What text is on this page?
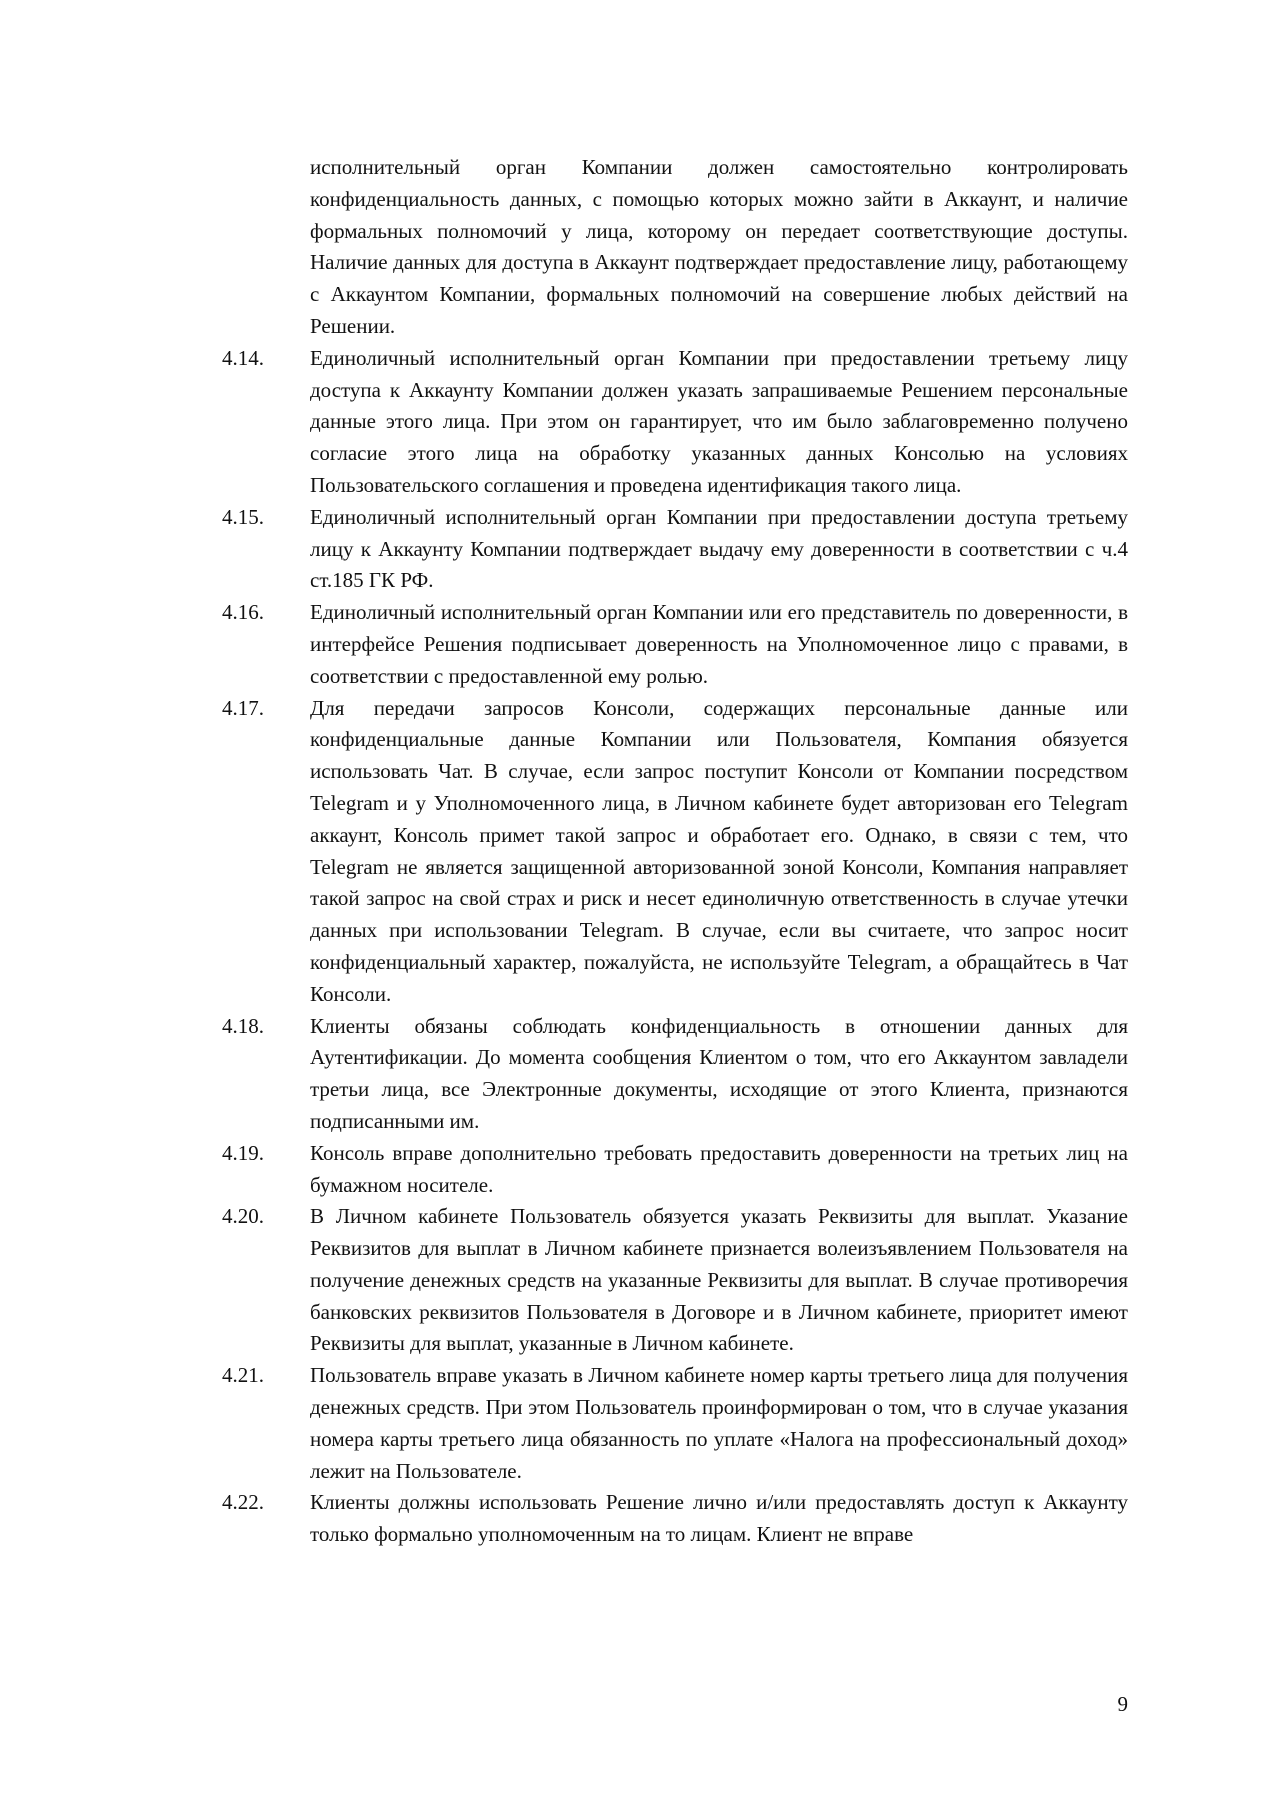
исполнительный орган Компании должен самостоятельно контролировать конфиденциальность данных, с помощью которых можно зайти в Аккаунт, и наличие формальных полномочий у лица, которому он передает соответствующие доступы. Наличие данных для доступа в Аккаунт подтверждает предоставление лицу, работающему с Аккаунтом Компании, формальных полномочий на совершение любых действий на Решении.
4.14.	Единоличный исполнительный орган Компании при предоставлении третьему лицу доступа к Аккаунту Компании должен указать запрашиваемые Решением персональные данные этого лица. При этом он гарантирует, что им было заблаговременно получено согласие этого лица на обработку указанных данных Консолью на условиях Пользовательского соглашения и проведена идентификация такого лица.
4.15.	Единоличный исполнительный орган Компании при предоставлении доступа третьему лицу к Аккаунту Компании подтверждает выдачу ему доверенности в соответствии с ч.4 ст.185 ГК РФ.
4.16.	Единоличный исполнительный орган Компании или его представитель по доверенности, в интерфейсе Решения подписывает доверенность на Уполномоченное лицо с правами, в соответствии с предоставленной ему ролью.
4.17.	Для передачи запросов Консоли, содержащих персональные данные или конфиденциальные данные Компании или Пользователя, Компания обязуется использовать Чат. В случае, если запрос поступит Консоли от Компании посредством Telegram и у Уполномоченного лица, в Личном кабинете будет авторизован его Telegram аккаунт, Консоль примет такой запрос и обработает его. Однако, в связи с тем, что Telegram не является защищенной авторизованной зоной Консоли, Компания направляет такой запрос на свой страх и риск и несет единоличную ответственность в случае утечки данных при использовании Telegram. В случае, если вы считаете, что запрос носит конфиденциальный характер, пожалуйста, не используйте Telegram, а обращайтесь в Чат Консоли.
4.18.	Клиенты обязаны соблюдать конфиденциальность в отношении данных для Аутентификации. До момента сообщения Клиентом о том, что его Аккаунтом завладели третьи лица, все Электронные документы, исходящие от этого Клиента, признаются подписанными им.
4.19.	Консоль вправе дополнительно требовать предоставить доверенности на третьих лиц на бумажном носителе.
4.20.	В Личном кабинете Пользователь обязуется указать Реквизиты для выплат. Указание Реквизитов для выплат в Личном кабинете признается волеизъявлением Пользователя на получение денежных средств на указанные Реквизиты для выплат. В случае противоречия банковских реквизитов Пользователя в Договоре и в Личном кабинете, приоритет имеют Реквизиты для выплат, указанные в Личном кабинете.
4.21.	Пользователь вправе указать в Личном кабинете номер карты третьего лица для получения денежных средств. При этом Пользователь проинформирован о том, что в случае указания номера карты третьего лица обязанность по уплате «Налога на профессиональный доход» лежит на Пользователе.
4.22.	Клиенты должны использовать Решение лично и/или предоставлять доступ к Аккаунту только формально уполномоченным на то лицам. Клиент не вправе
9
